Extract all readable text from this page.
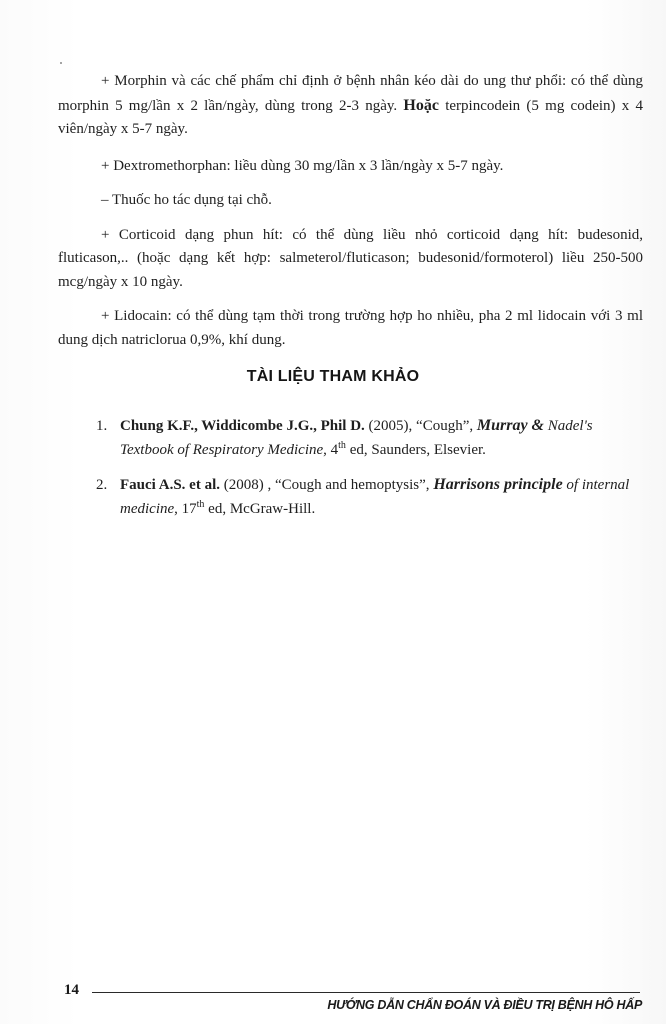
+ Morphin và các chế phẩm chỉ định ở bệnh nhân kéo dài do ung thư phổi: có thể dùng morphin 5 mg/lần x 2 lần/ngày, dùng trong 2-3 ngày. Hoặc terpincodein (5 mg codein) x 4 viên/ngày x 5-7 ngày.

+ Dextromethorphan: liều dùng 30 mg/lần x 3 lần/ngày x 5-7 ngày.

– Thuốc ho tác dụng tại chỗ.

+ Corticoid dạng phun hít: có thể dùng liều nhỏ corticoid dạng hít: budesonid, fluticason,.. (hoặc dạng kết hợp: salmeterol/fluticason; budesonid/formoterol) liều 250-500 mcg/ngày x 10 ngày.

+ Lidocain: có thể dùng tạm thời trong trường hợp ho nhiều, pha 2 ml lidocain với 3 ml dung dịch natriclorua 0,9%, khí dung.

TÀI LIỆU THAM KHẢO
1. Chung K.F., Widdicombe J.G., Phil D. (2005), “Cough”, Murray & Nadel's Textbook of Respiratory Medicine, 4th ed, Saunders, Elsevier.
2. Fauci A.S. et al. (2008) , “Cough and hemoptysis”, Harrisons principle of internal medicine, 17th ed, McGraw-Hill.
14
HƯỚNG DẪN CHẨN ĐOÁN VÀ ĐIỀU TRỊ BỆNH HÔ HẤP
